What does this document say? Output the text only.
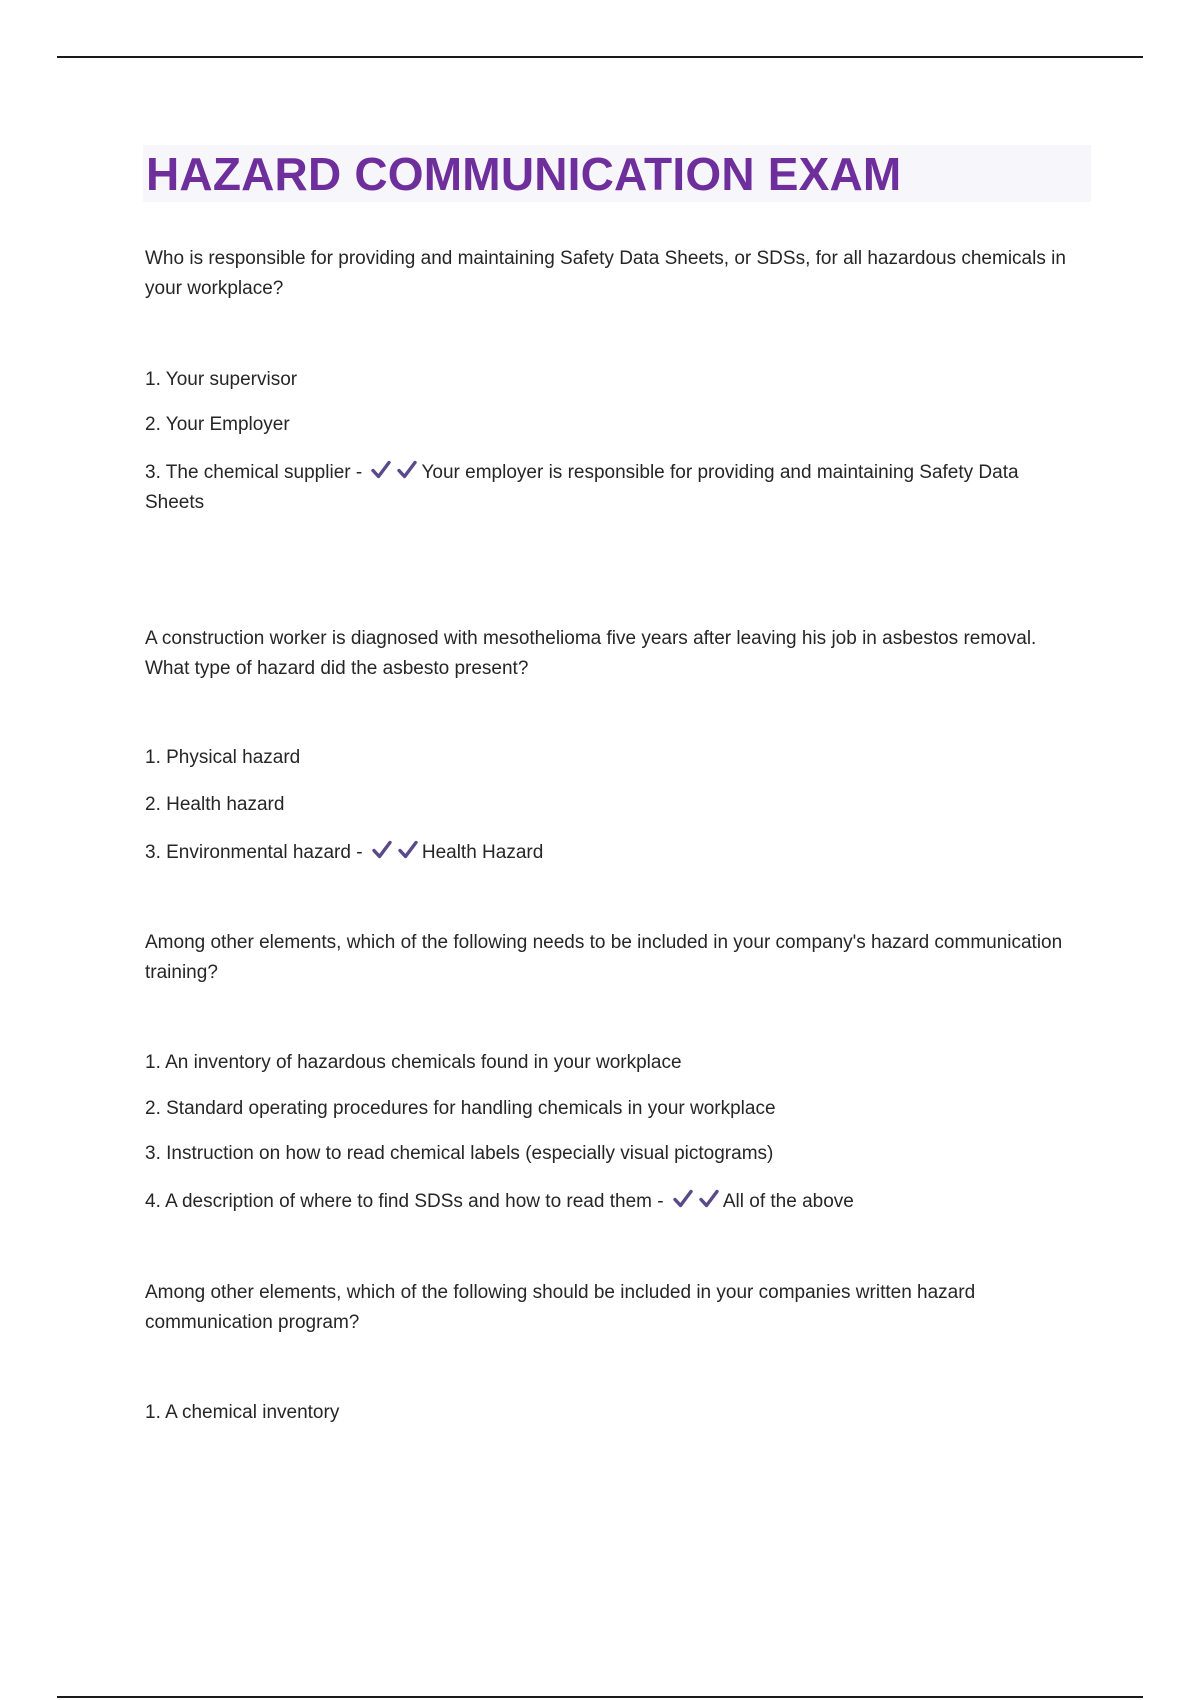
HAZARD COMMUNICATION EXAM

Who is responsible for providing and maintaining Safety Data Sheets, or SDSs, for all hazardous chemicals in your workplace?

1. Your supervisor

2. Your Employer

3. The chemical supplier -	Your employer is responsible for providing and maintaining Safety Data Sheets

A construction worker is diagnosed with mesothelioma five years after leaving his job in asbestos removal. What type of hazard did the asbesto present?

1. Physical hazard

2. Health hazard

3. Environmental hazard -	Health Hazard

Among other elements, which of the following needs to be included in your company's hazard communication training?

1. An inventory of hazardous chemicals found in your workplace

2. Standard operating procedures for handling chemicals in your workplace

3. Instruction on how to read chemical labels (especially visual pictograms)

4. A description of where to find SDSs and how to read them -	All of the above

Among other elements, which of the following should be included in your companies written hazard communication program?

1. A chemical inventory
